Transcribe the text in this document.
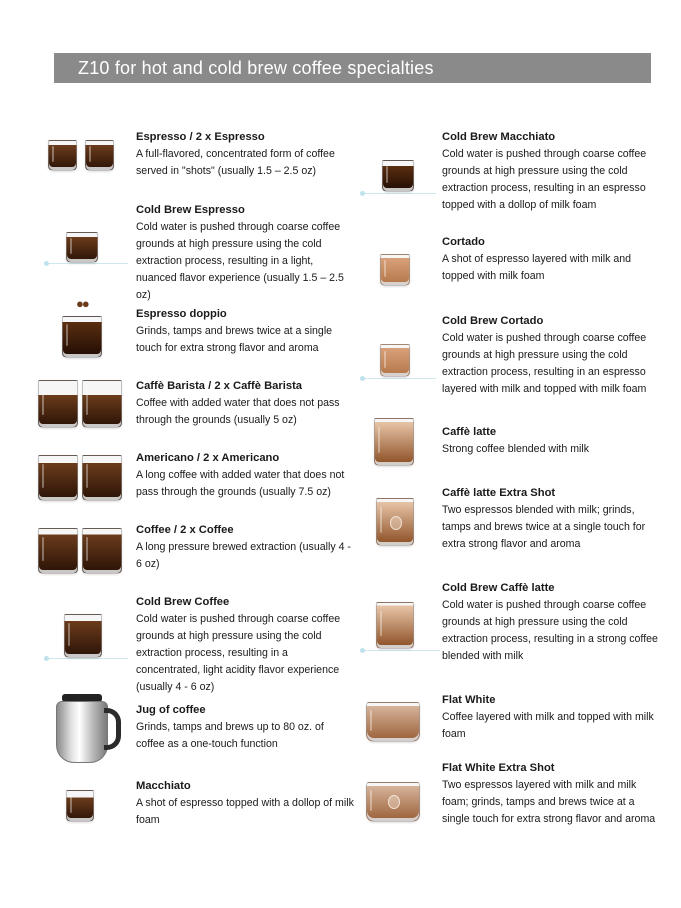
Z10 for hot and cold brew coffee specialties
Espresso / 2 x Espresso
A full-flavored, concentrated form of coffee served in "shots" (usually 1.5 – 2.5 oz)
Cold Brew Espresso
Cold water is pushed through coarse coffee grounds at high pressure using the cold extraction process, resulting in a light, nuanced flavor experience (usually 1.5 – 2.5 oz)
●●
Espresso doppio
Grinds, tamps and brews twice at a single touch for extra strong flavor and aroma
Caffè Barista / 2 x Caffè Barista
Coffee with added water that does not pass through the grounds (usually 5 oz)
Americano / 2 x Americano
A long coffee with added water that does not pass through the grounds (usually 7.5 oz)
Coffee / 2 x Coffee
A long pressure brewed extraction (usually 4 - 6 oz)
Cold Brew Coffee
Cold water is pushed through coarse coffee grounds at high pressure using the cold extraction process, resulting in a concentrated, light acidity flavor experience (usually 4 - 6 oz)
Jug of coffee
Grinds, tamps and brews up to 80 oz. of coffee as a one-touch function
Macchiato
A shot of espresso topped with a dollop of milk foam
Cold Brew Macchiato
Cold water is pushed through coarse coffee grounds at high pressure using the cold extraction process, resulting in an espresso topped with a dollop of milk foam
Cortado
A shot of espresso layered with milk and topped with milk foam
Cold Brew Cortado
Cold water is pushed through coarse coffee grounds at high pressure using the cold extraction process, resulting in an espresso layered with milk and topped with milk foam
Caffè latte
Strong coffee blended with milk
Caffè latte Extra Shot
Two espressos blended with milk; grinds, tamps and brews twice at a single touch for extra strong flavor and aroma
Cold Brew Caffè latte
Cold water is pushed through coarse coffee grounds at high pressure using the cold extraction process, resulting in a strong coffee blended with milk
Flat White
Coffee layered with milk and topped with milk foam
Flat White Extra Shot
Two espressos layered with milk and milk foam; grinds, tamps and brews twice at a single touch for extra strong flavor and aroma
